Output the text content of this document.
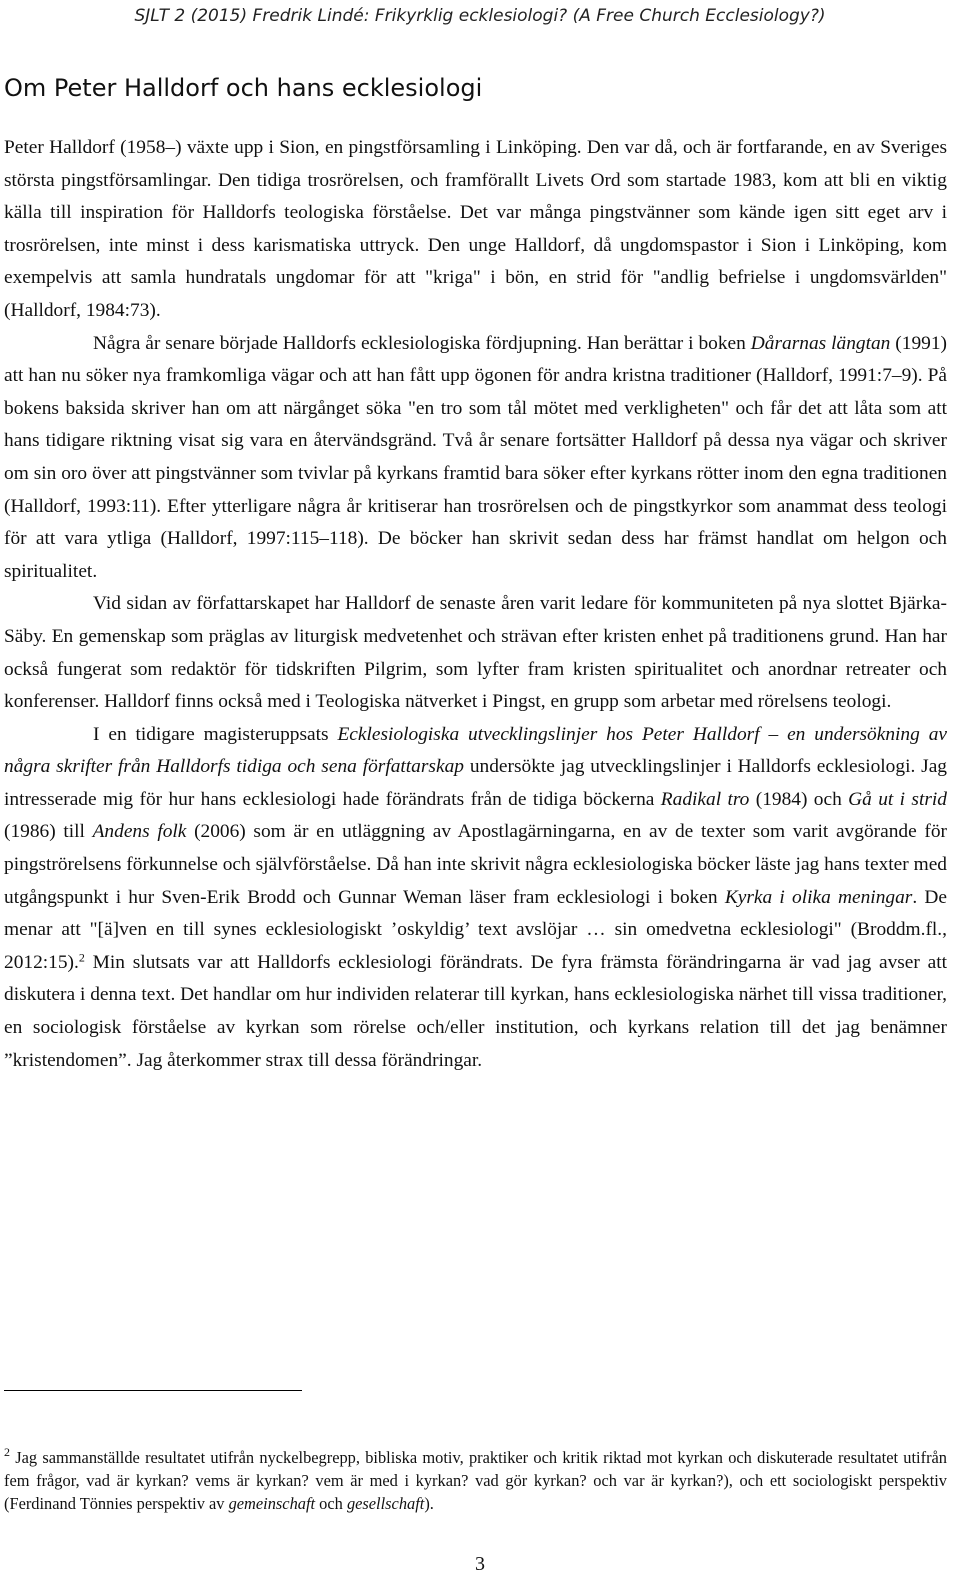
SJLT 2 (2015) Fredrik Lindé: Frikyrklig ecklesiologi? (A Free Church Ecclesiology?)
Om Peter Halldorf och hans ecklesiologi

Peter Halldorf (1958–) växte upp i Sion, en pingstförsamling i Linköping. Den var då, och är fortfarande, en av Sveriges största pingstförsamlingar. Den tidiga trosrörelsen, och framförallt Livets Ord som startade 1983, kom att bli en viktig källa till inspiration för Halldorfs teologiska förståelse. Det var många pingstvänner som kände igen sitt eget arv i trosrörelsen, inte minst i dess karismatiska uttryck. Den unge Halldorf, då ungdomspastor i Sion i Linköping, kom exempelvis att samla hundratals ungdomar för att "kriga" i bön, en strid för "andlig befrielse i ungdomsvärlden" (Halldorf, 1984:73).

Några år senare började Halldorfs ecklesiologiska fördjupning. Han berättar i boken Dårarnas längtan (1991) att han nu söker nya framkomliga vägar och att han fått upp ögonen för andra kristna traditioner (Halldorf, 1991:7–9). På bokens baksida skriver han om att närgånget söka "en tro som tål mötet med verkligheten" och får det att låta som att hans tidigare riktning visat sig vara en återvändsgränd. Två år senare fortsätter Halldorf på dessa nya vägar och skriver om sin oro över att pingstvänner som tvivlar på kyrkans framtid bara söker efter kyrkans rötter inom den egna traditionen (Halldorf, 1993:11). Efter ytterligare några år kritiserar han trosrörelsen och de pingstkyrkor som anammat dess teologi för att vara ytliga (Halldorf, 1997:115–118). De böcker han skrivit sedan dess har främst handlat om helgon och spiritualitet.

Vid sidan av författarskapet har Halldorf de senaste åren varit ledare för kommuniteten på nya slottet Bjärka-Säby. En gemenskap som präglas av liturgisk medvetenhet och strävan efter kristen enhet på traditionens grund. Han har också fungerat som redaktör för tidskriften Pilgrim, som lyfter fram kristen spiritualitet och anordnar retreater och konferenser. Halldorf finns också med i Teologiska nätverket i Pingst, en grupp som arbetar med rörelsens teologi.

I en tidigare magisteruppsats Ecklesiologiska utvecklingslinjer hos Peter Halldorf – en undersökning av några skrifter från Halldorfs tidiga och sena författarskap undersökte jag utvecklingslinjer i Halldorfs ecklesiologi. Jag intresserade mig för hur hans ecklesiologi hade förändrats från de tidiga böckerna Radikal tro (1984) och Gå ut i strid (1986) till Andens folk (2006) som är en utläggning av Apostlagärningarna, en av de texter som varit avgörande för pingströrelsens förkunnelse och självförståelse. Då han inte skrivit några ecklesiologiska böcker läste jag hans texter med utgångspunkt i hur Sven-Erik Brodd och Gunnar Weman läser fram ecklesiologi i boken Kyrka i olika meningar. De menar att "[ä]ven en till synes ecklesiologiskt ’oskyldig’ text avslöjar … sin omedvetna ecklesiologi" (Broddm.fl., 2012:15).$^2$ Min slutsats var att Halldorfs ecklesiologi förändrats. De fyra främsta förändringarna är vad jag avser att diskutera i denna text. Det handlar om hur individen relaterar till kyrkan, hans ecklesiologiska närhet till vissa traditioner, en sociologisk förståelse av kyrkan som rörelse och/eller institution, och kyrkans relation till det jag benämner ”kristendomen”. Jag återkommer strax till dessa förändringar.

$^2$ Jag sammanställde resultatet utifrån nyckelbegrepp, bibliska motiv, praktiker och kritik riktad mot kyrkan och diskuterade resultatet utifrån fem frågor, vad är kyrkan? vems är kyrkan? vem är med i kyrkan? vad gör kyrkan? och var är kyrkan?), och ett sociologiskt perspektiv (Ferdinand Tönnies perspektiv av gemeinschaft och gesellschaft).

3
